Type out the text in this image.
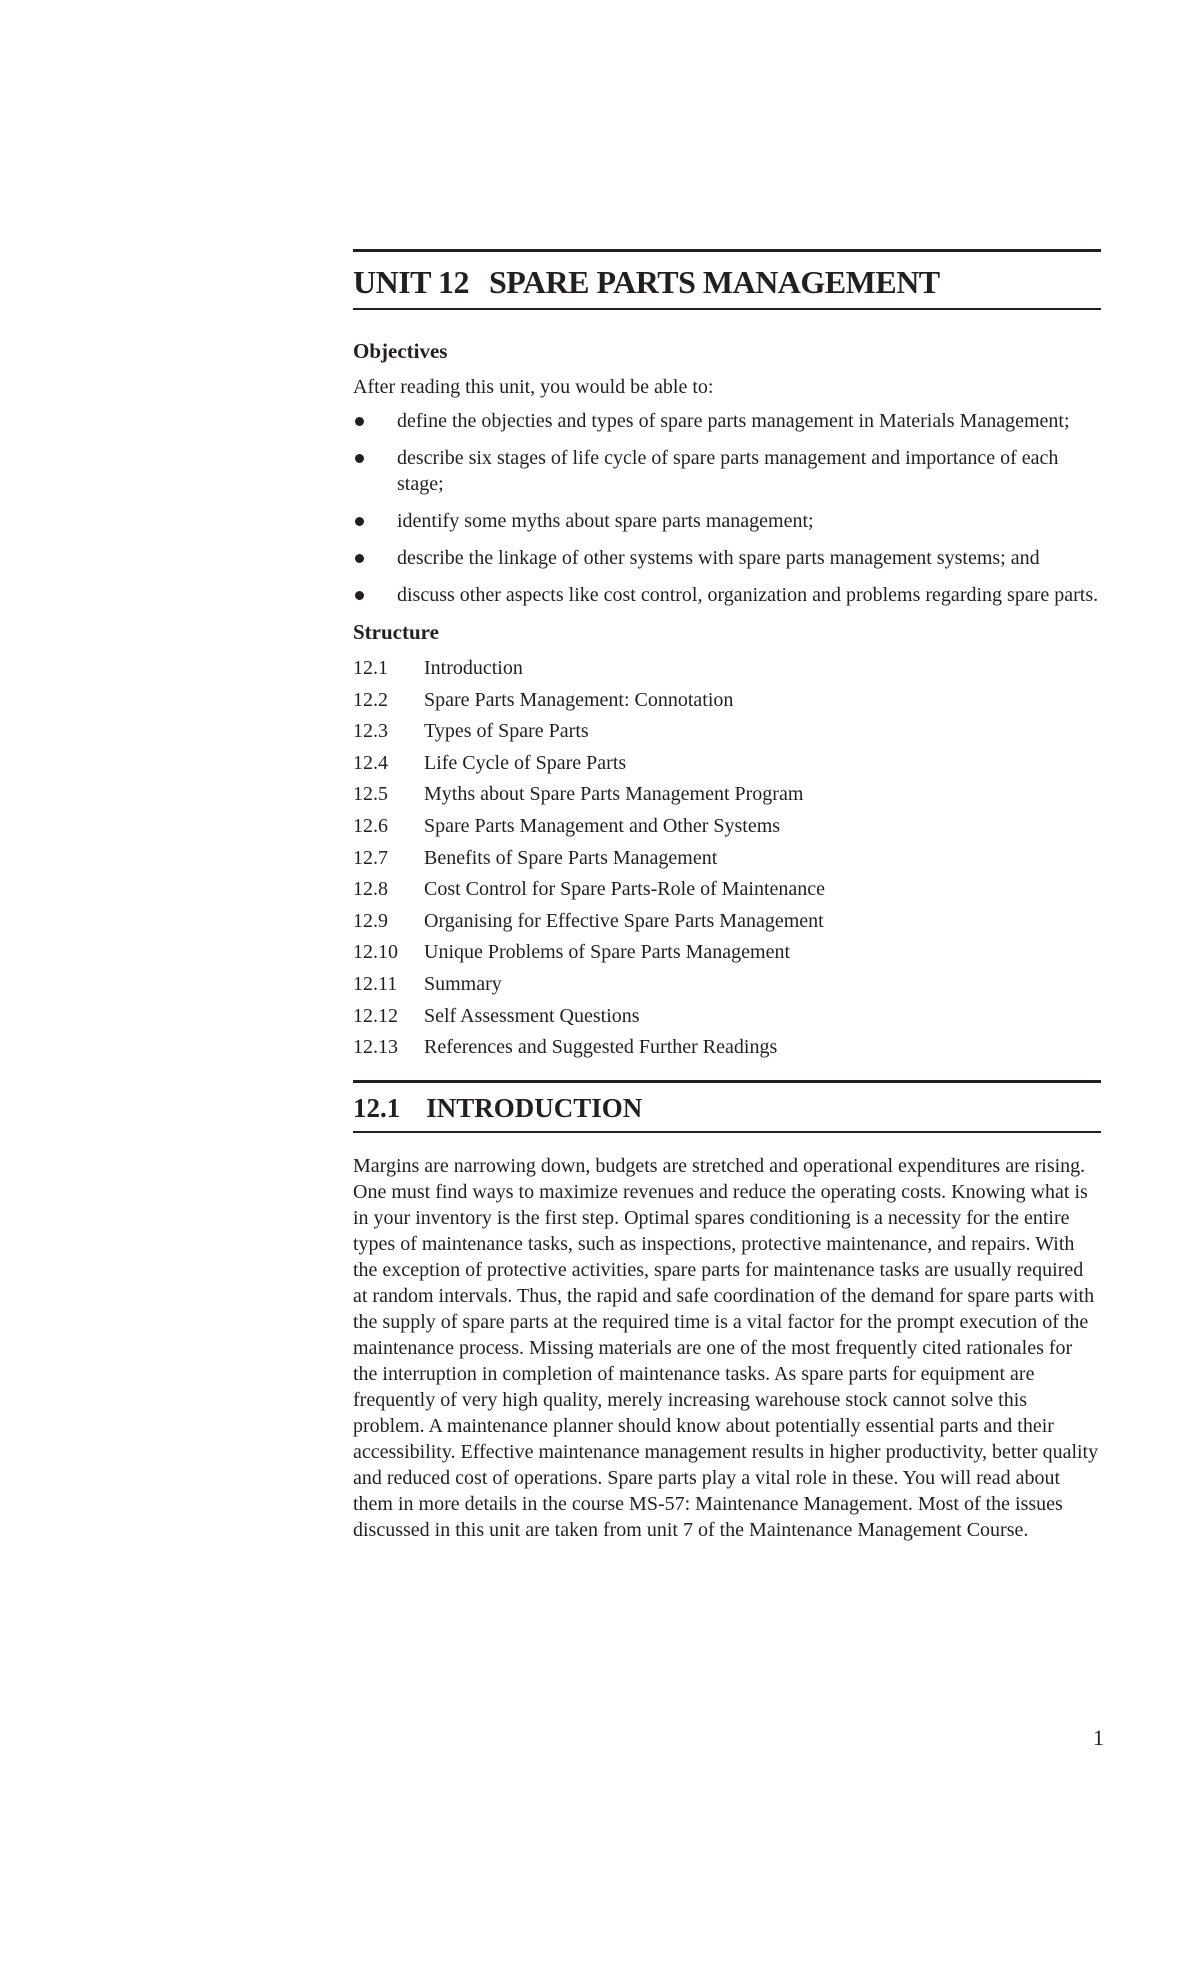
UNIT 12 SPARE PARTS MANAGEMENT
Objectives
After reading this unit, you would be able to:
define the objecties and types of spare parts management in Materials Management;
describe six stages of life cycle of spare parts management and importance of each stage;
identify some myths about spare parts management;
describe the linkage of other systems with spare parts management systems; and
discuss other aspects like cost control, organization and problems regarding spare parts.
Structure
12.1	Introduction
12.2	Spare Parts Management: Connotation
12.3	Types of Spare Parts
12.4	Life Cycle of Spare Parts
12.5	Myths about Spare Parts Management Program
12.6	Spare Parts Management and Other Systems
12.7	Benefits of Spare Parts Management
12.8	Cost Control for Spare Parts-Role of Maintenance
12.9	Organising for Effective Spare Parts Management
12.10	Unique Problems of Spare Parts Management
12.11	Summary
12.12	Self Assessment Questions
12.13	References and Suggested Further Readings
12.1 INTRODUCTION

Margins are narrowing down, budgets are stretched and operational expenditures are rising. One must find ways to maximize revenues and reduce the operating costs. Knowing what is in your inventory is the first step. Optimal spares conditioning is a necessity for the entire types of maintenance tasks, such as inspections, protective maintenance, and repairs. With the exception of protective activities, spare parts for maintenance tasks are usually required at random intervals. Thus, the rapid and safe coordination of the demand for spare parts with the supply of spare parts at the required time is a vital factor for the prompt execution of the maintenance process. Missing materials are one of the most frequently cited rationales for the interruption in completion of maintenance tasks. As spare parts for equipment are frequently of very high quality, merely increasing warehouse stock cannot solve this problem. A maintenance planner should know about potentially essential parts and their accessibility. Effective maintenance management results in higher productivity, better quality and reduced cost of operations. Spare parts play a vital role in these. You will read about them in more details in the course MS-57: Maintenance Management. Most of the issues discussed in this unit are taken from unit 7 of the Maintenance Management Course.

1
